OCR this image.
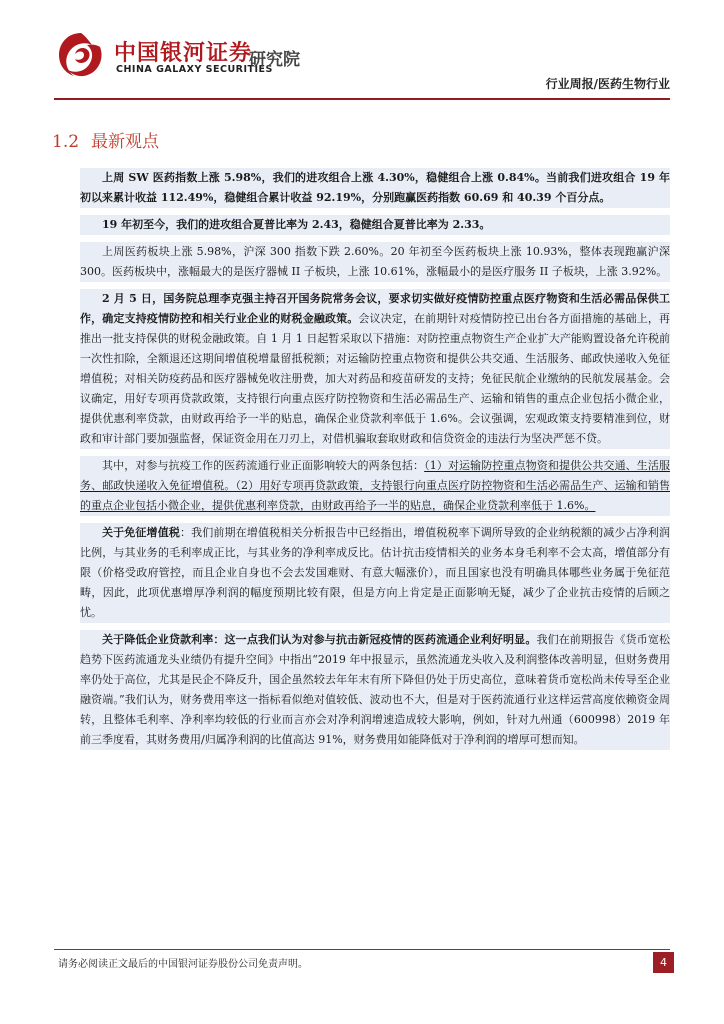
中国银河证券
CHINA GALAXY SECURITIES
研究院
行业周报/医药生物行业
1.2 最新观点

上周 SW 医药指数上涨 5.98%，我们的进攻组合上涨 4.30%，稳健组合上涨 0.84%。当前我们进攻组合 19 年初以来累计收益 112.49%，稳健组合累计收益 92.19%，分别跑赢医药指数 60.69 和 40.39 个百分点。

19 年初至今，我们的进攻组合夏普比率为 2.43，稳健组合夏普比率为 2.33。

上周医药板块上涨 5.98%，沪深 300 指数下跌 2.60%。20 年初至今医药板块上涨 10.93%，整体表现跑赢沪深 300。医药板块中，涨幅最大的是医疗器械 II 子板块，上涨 10.61%，涨幅最小的是医疗服务 II 子板块，上涨 3.92%。

2 月 5 日，国务院总理李克强主持召开国务院常务会议，要求切实做好疫情防控重点医疗物资和生活必需品保供工作，确定支持疫情防控和相关行业企业的财税金融政策。会议决定，在前期针对疫情防控已出台各方面措施的基础上，再推出一批支持保供的财税金融政策。自 1 月 1 日起暂采取以下措施：对防控重点物资生产企业扩大产能购置设备允许税前一次性扣除，全额退还这期间增值税增量留抵税额；对运输防控重点物资和提供公共交通、生活服务、邮政快递收入免征增值税；对相关防疫药品和医疗器械免收注册费，加大对药品和疫苗研发的支持；免征民航企业缴纳的民航发展基金。会议确定，用好专项再贷款政策，支持银行向重点医疗防控物资和生活必需品生产、运输和销售的重点企业包括小微企业，提供优惠利率贷款，由财政再给予一半的贴息，确保企业贷款利率低于 1.6%。会议强调，宏观政策支持要精准到位，财政和审计部门要加强监督，保证资金用在刀刃上，对借机骗取套取财政和信贷资金的违法行为坚决严惩不贷。

其中，对参与抗疫工作的医药流通行业正面影响较大的两条包括：（1）对运输防控重点物资和提供公共交通、生活服务、邮政快递收入免征增值税。（2）用好专项再贷款政策，支持银行向重点医疗防控物资和生活必需品生产、运输和销售的重点企业包括小微企业，提供优惠利率贷款，由财政再给予一半的贴息，确保企业贷款利率低于 1.6%。

关于免征增值税：我们前期在增值税相关分析报告中已经指出，增值税税率下调所导致的企业纳税额的减少占净利润比例，与其业务的毛利率成正比，与其业务的净利率成反比。估计抗击疫情相关的业务本身毛利率不会太高，增值部分有限（价格受政府管控，而且企业自身也不会去发国难财、有意大幅涨价），而且国家也没有明确具体哪些业务属于免征范畴，因此，此项优惠增厚净利润的幅度预期比较有限，但是方向上肯定是正面影响无疑，减少了企业抗击疫情的后顾之忧。

关于降低企业贷款利率：这一点我们认为对参与抗击新冠疫情的医药流通企业利好明显。我们在前期报告《货币宽松趋势下医药流通龙头业绩仍有提升空间》中指出“2019 年中报显示，虽然流通龙头收入及利润整体改善明显，但财务费用率仍处于高位，尤其是民企不降反升，国企虽然较去年年末有所下降但仍处于历史高位，意味着货币宽松尚未传导至企业融资端。”我们认为，财务费用率这一指标看似绝对值较低、波动也不大，但是对于医药流通行业这样运营高度依赖资金周转，且整体毛利率、净利率均较低的行业而言亦会对净利润增速造成较大影响，例如，针对九州通（600998）2019 年前三季度看，其财务费用/归属净利润的比值高达 91%，财务费用如能降低对于净利润的增厚可想而知。

请务必阅读正文最后的中国银河证券股份公司免责声明。	4
